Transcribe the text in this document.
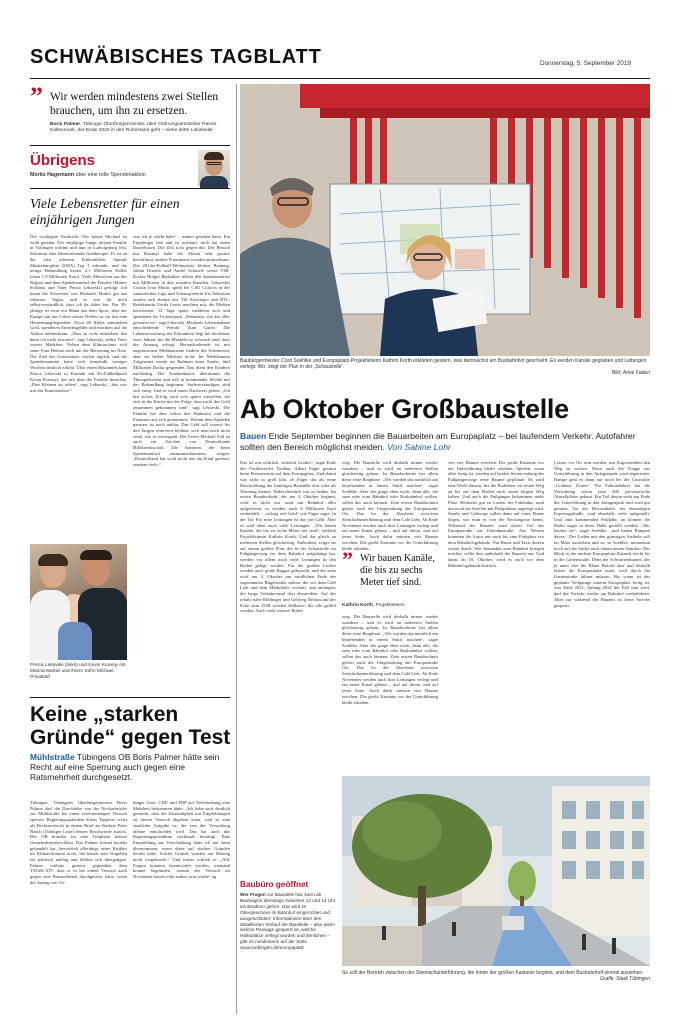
SCHWÄBISCHES TAGBLATT	Donnerstag, 5. September 2019
” Wir werden mindestens zwei Stellen brauchen, um ihn zu ersetzen.
Boris Palmer, Tübinger Oberbürgermeister, über Ordnungsamtsleiter Rainer Kaltenmark, der Ende 2020 in den Ruhestand geht – siehe dritte Lokalseite
Übrigens
Moritz Hagemann über eine tolle Spendenaktion
Viele Lebensretter für einen einjährigen Jungen
Die wichtigste Nachricht: Der kleine Michael ist wohl gerettet. Der einjährige Junge, dessen Familie in Tübingen wohnte und nun in Ludwigsburg lebt, bekommt eine lebensrettende Gentherapie. Er ist an der sehr seltenen Erbkrankheit Spinale Muskelatrophie (SMA) Typ 1 erkrankt, und die nötige Behandlung kostet 2,1 Millionen Dollar (etwa 1,9 Millionen Euro). Viele Menschen aus der Region und dem Spendenaufruf der Familie (Mutter Svitlana und Vater Perica Lekavski) gefolgt. Ich kennt die Schwester von Michaels Mutter gut aus früheren Tagen, und es war für mich selbstverständlich, dass ich da dabei bin. Der 39-jährige ist zwar ein Mann aus dem Sport, aber der Kampf um das Leben seines Neffen ist für ihn eine Herzensangelegenheit. Etwa 40 Klubs sammelten Geld, spendeten Eintrittsgelder und machten auf die Aktion aufmerksam. „Dass so viele mitziehen, das hätte ich nicht erwartet“, sagt Lekavski, selbst Vater zweier Mädchen. Neben dem Klimaschutz sich seine Frau Helena noch um die Betreuung im Netz. Die Zahl der Unterstützer wächst täglich, und die Spendensumme hatte sich innerhalb weniger Wochen deutlich erhöht. Über einen Bekannten kam Perica Lekavski in Kontakt mit Ex-Fußballprofi Kevin Kuranyi, der mit dem die Familie besuchte. „Den Kleinen zu sehen“, sagt Lekavski, „das war mit das Emotionalste.“
was ich je erlebt habe“ – immer gesehen hatte. Ein Einjähriger lebt und ist wohlauf, doch hat einen Dauerbusen. Die Zeit tickt gegen ihn. Der Besuch mit Kuranyi habe die Aktion sehr positiv beeinflusst, andere Prominente wurden aufmerksam: Die 2014er-Fußball-Weltmeister Jérôme Boateng, Julian Draxler und André Schürrle sowie VfB-Kicker Holger Badstuber teilten den Spendenaufruf mit Millionen in den sozialen Kanälen. Lekavskis Cousin Ivan Martic spielt bei CSU Craiova in der rumänischen Liga und Schauspielerin Iris Sebastian setzten sich ebenso ein. Till Schweiger und RTL-Redakteurin Gerda Lewis machten mit, die Medien berichteten. 14 Tage später meldeten sich und spendeten für Tscherepack „Wahnsinn, wie das alles gelaufen ist“, sagt Lekavski. Michaels Lebensnahme entscheidende Wende: Zum Guten. Die Lebenserwartung der Erkrankten liegt bei höchstens zwei Jahren, bis die Muskeln so schwach sind, dass die Atmung erliegt. Herausfordernde ist mit zugelassenen Medikamente lindern die Schmerzen, aber sie heilen Michael nicht. Im Medikament Zolgensma wurde im Rahmen einer Studie, fünf Millionen Dollar gespendet. Das dient den Kindern nachhaltig. Die Krankenkasse übernimmt die Therapiekosten und will in kommender Woche mit der Behandlung beginnen. Sachverständigen sind sich einig. Und es wird einen Nachweis geben: „Ich bin sicher, Erfolg wird sich später einstellen, bis sich in der Küche mit der Folge, dass nicht das Geld zusammen gekommen sind“, sagt Lekavski. Die Familie hat aber schon den Banksnot und die Finanzen auf sich genommen. Warum dem Spenden pausiert ist noch unklar. Das Geld soll vorerst für den Jungen reserviert bleiben, weil man noch nicht weiß, wie es weitergeht. Der Leiter Michael Fall ist auch ein Zeichen von Deutschlands Hilfsbereitschaft. Die Summen, die beim Spendenaufruf zusammenkommen, zeigen: „Deutschland hat wohl nicht nur ein Kind gerettet, sondern viele.“
Perica Lekavski (links) und Kevin Kuranyi mit Marina Martiel und ihrem Sohn Michael. Privatbild
Keine „starken Gründe“ gegen Test
Mühlstraße Tübingens OB Boris Palmer hätte sein Recht auf eine Sperrung auch gegen eine Ratsmehrheit durchgesetzt.
Tübingen. Tübingens Oberbürgermeister Boris Palmer darf die Durchfahrt von der Neckarbrücke zur Mühlstraße für einen zweimonatigen Versuch sperren. Regierungspräsident Klaus Tappeser weist als Rechtsaufsicht in einem Brief an Stadtrat Peter Bosch (Tübinger Liste) dessen Beschwerde zurück. Der OB brauche für eine Testphase keinen Gemeinderatsbeschluss. Das Palmer formal korrekt gehandelt hat, bezweifelt allerdings seine Kritiker im Klimaschutzrat nicht. Sie hatten sein Vorgehen für politisch unklug und fühlten sich übergangen. Palmer erklärte gestern gegenüber dem TAGBLATT, dass er es bei einem Versuch auch gegen eine Ratsmehrheit durchgesetzt hätte, wenn der Antrag von Tü-
binger Liste, CDU und FDP auf Verschiebung eine Mehrheit bekommen hätte: „Ich habe stets deutlich gemacht, dass die Zuständigkeit nur Empfehlungen zu diesen Versuch abgeben kann, weil es eine staatliche Aufgabe ist, die von der Verwaltung alleine entschieden wird. Das hat auch das Regierungspräsidium nochmals bestätigt. Eine Empfehlung zur Verschiebung hätte ich nur dann übernommen, wenn diese auf starken Gründen beruht hätte. Solche Gründe wurden am Montag nicht vorgebracht.“ Und weiter schrieb er: „Alle Fragen konnten beantwortet werden, niemand konnte begründen, warum der Versuch im November besser oder anders sein würde“ ag
Baubürgermeister Cord Soehlke und Europaplatz-Projektleiterin Kathrin Korth erklärten gestern, was demnächst am Busbahnhof geschieht. Es werden Kanäle gegraben und Leitungen verlegt. Wo, zeigt der Plan in der „Schaustelle“.
Bild: Anne Faden
Ab Oktober Großbaustelle
Bauen Ende September beginnen die Bauarbeiten am Europaplatz – bei laufendem Verkehr. Autofahrer sollten den Bereich möglichst meiden. Von Sabine Lohr
Das ist was wirklich, wirklich Großes“, sagte Ende des Fachbereichs Tiefbau. Albert Füger gestern beim Pressetermin auf dem Europaplatz. Und damit war nicht so groß klar, ob Füger das als reine Beschreibung der künftigen Baustelle dort oder als Warnung meinte. Wahrscheinlich war es beides: Im ersten Bauabschnitt, der am 4. Oktober beginnt, wird es nicht nur rund um Bahnhof alles aufgerissen, es werden auch 6 Millionen Euro verbaddelt – „richtig viel Geld“ wie Füger sagte. In der Tat: Für neue Leitungen ist das viel Geld. Aber es sind eben auch viele Leitungen. „Wir bauen Kanäle, die bis zu sechs Meter tief sind“, erklärte Projektleiterin Kathrin Korth. Und das gleich an mehreren Stellen gleichzeitig. Außerdem, zeigte sie auf einem großen Plan, der in der Schaustelle im Fußgängerweg vor dem Bahnhof aufgehängt hat, werden vor allem auch viele Leitungen in den Boden gelegt werden. Für die großen Löcher werden auch große Bagger gebraucht, und der erste wird am 4. Oktober am nördlichen Ende der sogenannten Bügelstraße stehen, die vor dem Café Lieb und dem Markthalle verläuft, und anfangen, die lange Verkehrsinsel dort abzureißen. Auf der relativ nahe Böblinger und Gehweg Dechau auf der Ecke zum ZOB werden Seilkarre, die alle gefällt werden. Auch viele weitere Rohre.
” Wir bauen Kanäle, die bis zu sechs Meter tief sind.
Kathrin Korth, Projektleiterin
weg. Die Baustelle wird deshalb immer wieder wandern – und es wird an mehreren Stellen gleichzeitig gebaut. Ist Bauabschnitte hat allein diese erste Bauphase. „Wir werden das natürlich am bestehenden in einem Stück machen“, sagte Soehlke. Aber das ginge eben nicht, denn alle, die zum oder vom Bahnhof oder Busbahnhof wollen, sollen das auch können. Zum ersten Bauabschnitt gehört auch die Umgestaltung der Europastraße Ost. Das Ist der Abschnitt zwischen Steinlachunterführung und dem Café Lieb. Ab Ende November werden auch dort Leitungen verlegt und ein neuer Kanal gebaut – mal auf dieser, mal auf jener Seite. Auch dafür müssen vier Bäume weichen. Die große Kastanie vor der Unterführung bleibt erhalten.
weg. Die Baustelle wird deshalb immer wieder wandern – und es wird an mehreren Stellen gleichzeitig gebaut. Ist Bauabschnitte hat allein diese erste Bauphase. „Wir werden das natürlich am bestehenden in einem Stück machen“, sagte Soehlke. Aber das ginge eben nicht, denn alle, die zum oder vom Bahnhof oder Busbahnhof wollen, sollen das auch können. Zum ersten Bauabschnitt gehört auch die Umgestaltung der Europastraße Ost. Das Ist der Abschnitt zwischen Steinlachunterführung und dem Café Lieb. Ab Ende November werden auch dort Leitungen verlegt und ein neuer Kanal gebaut – mal auf dieser, mal auf jener Seite. Auch dafür müssen vier Bäume weichen. Die große Kastanie vor der Unterführung bleibt erhalten.
ven vier Bäume weichen. Die große Kastanie vor der Unterführung bleibt erhalten. Spielen, wenn alles fertig ist, werden auf beiden Seiten entlang der Fußgängerwege neue Bäume gepflanzt. Es wird eine Weile dauern, bis die Radfahrer im ersten Weg an bis auf dem Boden noch einen klugen Weg haben. Und auch die Fußgänger bekommen mehr Platz. Beidseits gut zu Lasten der Fahrbahn, rund um noch ein Streifen mit Parkplätzen angelegt wird. Straße und Gehwege sollen dann auf einer Ebene liegen, wie man es von der Neckargasse kennt. Während der Bauzeit wird dieser Teil der Europastraße zur Einbahnstraße: Aus Westen kommen die Autos nur noch bis zum Parkplatz vor dem Bahnhofsgebäude. Nur Busse und Taxis dürfen weiter durch. Wer Jemanden zum Bahnhof bringen möchte, sollte dies außerhalb der Bauzeit tun. Und dann, ab 10. Oktober, wird es auch vor dem Bahnhofsgebäude kritisch.
Lotsen vor Ort sein werden, um Zugreisenden den Weg zu weisen. Denn auch die Treppe zur Unterführung in den Anlagenpark wird abgerissen. Rampe geht es dann nur noch bei der Gaststätte „Goldene Zeiten“. Für Fahrradfahrer hat die Verwaltung schon jetzt 600 provisorische Abstellplätze gebaut. Ein Teil davon steht am Ende der Unterführung in den Anlagenpark und wird gut genutzt. Vor der Disconthalle, der ehemaligen Expressguthalle, sind ebenfalls viele aufgestellt. Und zum kommenden Frühjahr, an können die Räder sogar in diese Halle gestellt werden. „Wir kaufen sie“, sagte Soehlke, „und bauen Rampen davor.“ Der Laden mit den günstigen Artikeln soll im März ausziehen und so, so Soehlke, momentan noch auf der Suche nach einem neuen Standort. Der Blick in die nächste Europaplatz-Zukunft reicht bis in die Gartenstraße. Denn der Schwärzentunnel, der ja unter ihre die Blaue Brücke darf und deshalb bisher die Europastraße nutzt, wird durch die Gartenstraße fahren müssen. Bis wann ist der geplante Tiefgarage unterm Europaplatz fertig ist, was Ende 2021, Anfang 2022 der Fall sein wird, darf der Verkehr wieder am Bahnhof vorbeifahren. Aber zur während der Bauzeit ist diese Strecke gesperrt.
Baubüro geöffnet
Wer Fragen zur Baustelle hat, kann ab Baubeginn dienstags zwischen 13 und 14 Uhr ins Baubüro gehen. Das wird im Obergeschoss im Bahnhof eingerichtet und ausgeschildert. Informationen über den detaillierten Verlauf der Baustelle – also wann welche Passage gesperrt ist, welche Halteplätze verlegt wurden und ähnliches – gibt es mindestens auf der Seite www.tuebingen.de/europaplatz
So soll der Bereich zwischen der Steinlachunterführung, die hinter der großen Kastanie beginnt, und dem Busbahnhof einmal aussehen.
Grafik: Stadt Tübingen
